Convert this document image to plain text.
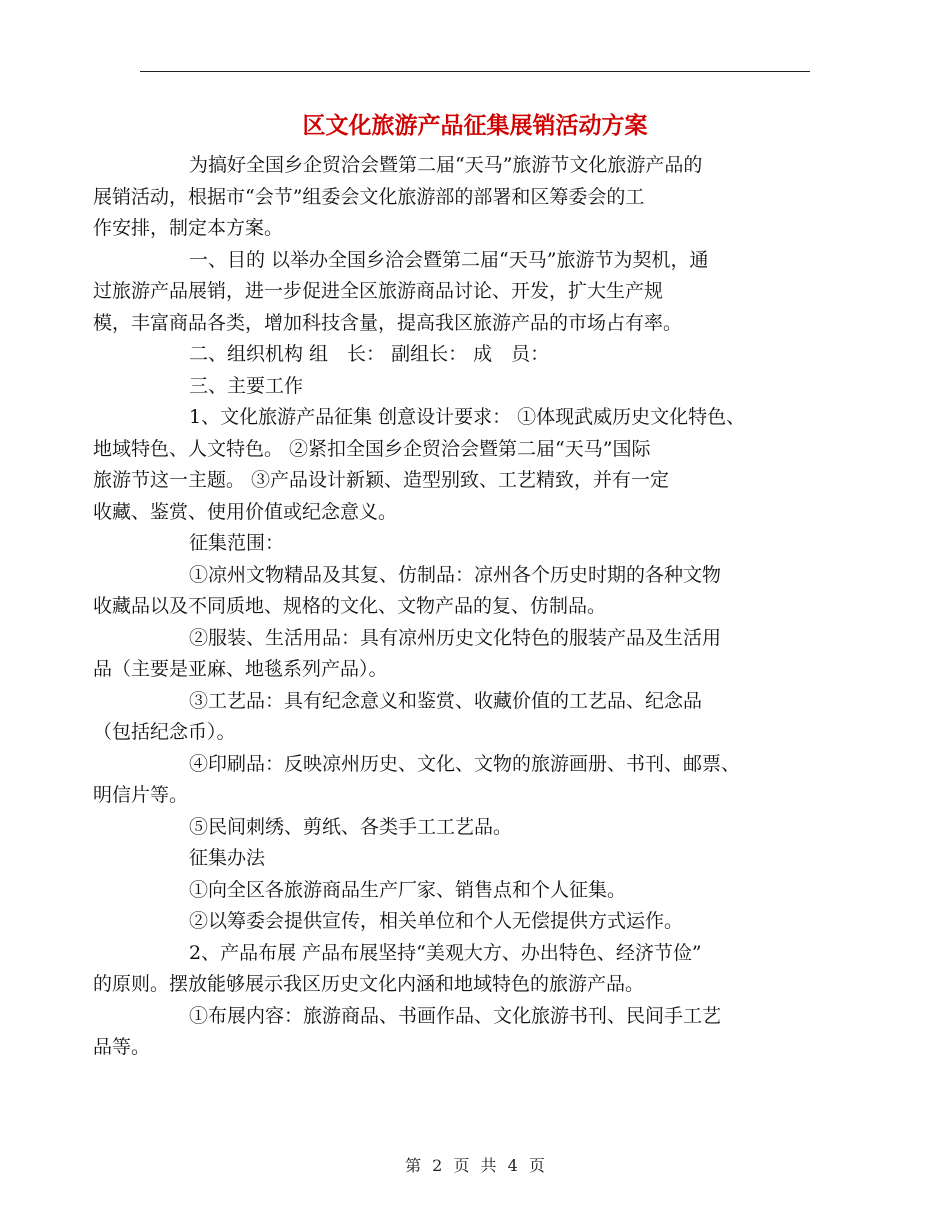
区文化旅游产品征集展销活动方案
为搞好全国乡企贸洽会暨第二届“天马”旅游节文化旅游产品的
展销活动，根据市“会节”组委会文化旅游部的部署和区筹委会的工
作安排，制定本方案。
一、目的 以举办全国乡洽会暨第二届“天马”旅游节为契机，通
过旅游产品展销，进一步促进全区旅游商品讨论、开发，扩大生产规
模，丰富商品各类，增加科技含量，提高我区旅游产品的市场占有率。
二、组织机构 组　长： 副组长： 成　员：
三、主要工作
1、文化旅游产品征集 创意设计要求： ①体现武威历史文化特色、
地域特色、人文特色。 ②紧扣全国乡企贸洽会暨第二届“天马”国际
旅游节这一主题。 ③产品设计新颖、造型别致、工艺精致，并有一定
收藏、鉴赏、使用价值或纪念意义。
征集范围：
①凉州文物精品及其复、仿制品：凉州各个历史时期的各种文物
收藏品以及不同质地、规格的文化、文物产品的复、仿制品。
②服装、生活用品：具有凉州历史文化特色的服装产品及生活用
品（主要是亚麻、地毯系列产品）。
③工艺品：具有纪念意义和鉴赏、收藏价值的工艺品、纪念品
（包括纪念币）。
④印刷品：反映凉州历史、文化、文物的旅游画册、书刊、邮票、
明信片等。
⑤民间刺绣、剪纸、各类手工工艺品。
征集办法
①向全区各旅游商品生产厂家、销售点和个人征集。
②以筹委会提供宣传，相关单位和个人无偿提供方式运作。
2、产品布展 产品布展坚持“美观大方、办出特色、经济节俭”
的原则。摆放能够展示我区历史文化内涵和地域特色的旅游产品。
①布展内容：旅游商品、书画作品、文化旅游书刊、民间手工艺
品等。
第 2 页 共 4 页
